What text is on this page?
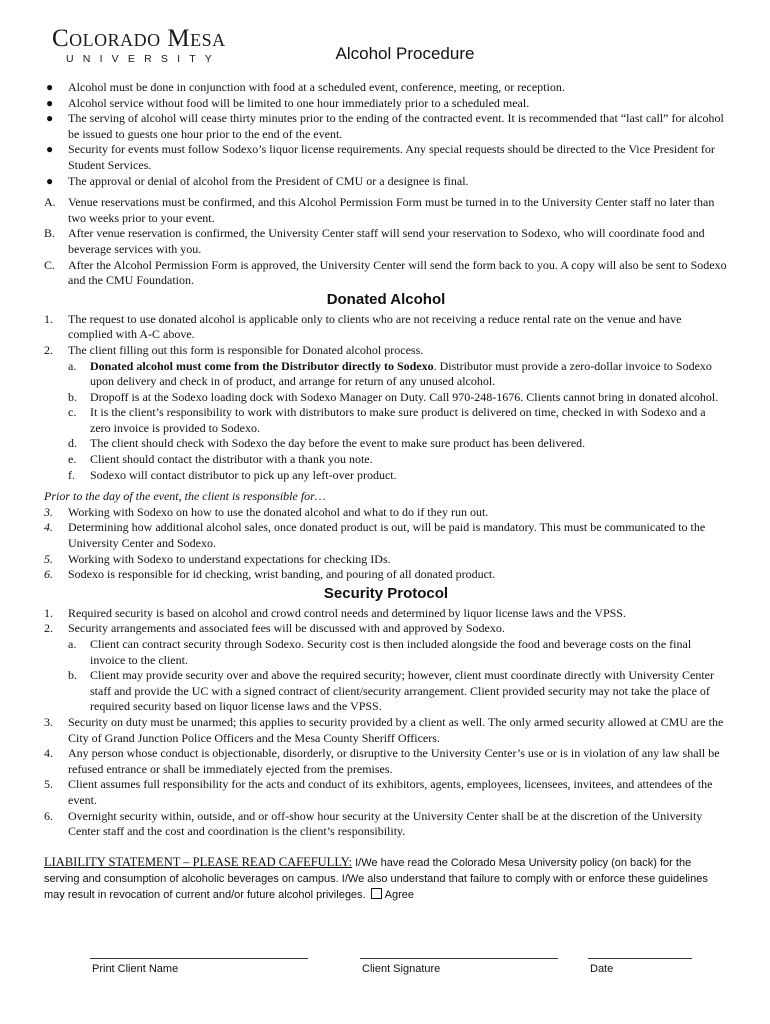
Colorado Mesa
UNIVERSITY	Alcohol Procedure
● Alcohol must be done in conjunction with food at a scheduled event, conference, meeting, or reception.
● Alcohol service without food will be limited to one hour immediately prior to a scheduled meal.
● The serving of alcohol will cease thirty minutes prior to the ending of the contracted event. It is recommended that “last call” for alcohol be issued to guests one hour prior to the end of the event.
● Security for events must follow Sodexo’s liquor license requirements. Any special requests should be directed to the Vice President for Student Services.
● The approval or denial of alcohol from the President of CMU or a designee is final.
A. Venue reservations must be confirmed, and this Alcohol Permission Form must be turned in to the University Center staff no later than two weeks prior to your event.
B. After venue reservation is confirmed, the University Center staff will send your reservation to Sodexo, who will coordinate food and beverage services with you.
C. After the Alcohol Permission Form is approved, the University Center will send the form back to you. A copy will also be sent to Sodexo and the CMU Foundation.
Donated Alcohol
1. The request to use donated alcohol is applicable only to clients who are not receiving a reduce rental rate on the venue and have complied with A-C above.
2. The client filling out this form is responsible for Donated alcohol process.
a. Donated alcohol must come from the Distributor directly to Sodexo. Distributor must provide a zero-dollar invoice to Sodexo upon delivery and check in of product, and arrange for return of any unused alcohol.
b. Dropoff is at the Sodexo loading dock with Sodexo Manager on Duty. Call 970-248-1676. Clients cannot bring in donated alcohol.
c. It is the client’s responsibility to work with distributors to make sure product is delivered on time, checked in with Sodexo and a zero invoice is provided to Sodexo.
d. The client should check with Sodexo the day before the event to make sure product has been delivered.
e. Client should contact the distributor with a thank you note.
f. Sodexo will contact distributor to pick up any left-over product.
Prior to the day of the event, the client is responsible for…
3. Working with Sodexo on how to use the donated alcohol and what to do if they run out.
4. Determining how additional alcohol sales, once donated product is out, will be paid is mandatory. This must be communicated to the University Center and Sodexo.
5. Working with Sodexo to understand expectations for checking IDs.
6. Sodexo is responsible for id checking, wrist banding, and pouring of all donated product.
Security Protocol
1. Required security is based on alcohol and crowd control needs and determined by liquor license laws and the VPSS.
2. Security arrangements and associated fees will be discussed with and approved by Sodexo.
a. Client can contract security through Sodexo. Security cost is then included alongside the food and beverage costs on the final invoice to the client.
b. Client may provide security over and above the required security; however, client must coordinate directly with University Center staff and provide the UC with a signed contract of client/security arrangement. Client provided security may not take the place of required security based on liquor license laws and the VPSS.
3. Security on duty must be unarmed; this applies to security provided by a client as well. The only armed security allowed at CMU are the City of Grand Junction Police Officers and the Mesa County Sheriff Officers.
4. Any person whose conduct is objectionable, disorderly, or disruptive to the University Center’s use or is in violation of any law shall be refused entrance or shall be immediately ejected from the premises.
5. Client assumes full responsibility for the acts and conduct of its exhibitors, agents, employees, licensees, invitees, and attendees of the event.
6. Overnight security within, outside, and or off-show hour security at the University Center shall be at the discretion of the University Center staff and the cost and coordination is the client’s responsibility.
LIABILITY STATEMENT – PLEASE READ CAFEFULLY: I/We have read the Colorado Mesa University policy (on back) for the serving and consumption of alcoholic beverages on campus. I/We also understand that failure to comply with or enforce these guidelines may result in revocation of current and/or future alcohol privileges. Agree
Print Client Name	Client Signature	Date
